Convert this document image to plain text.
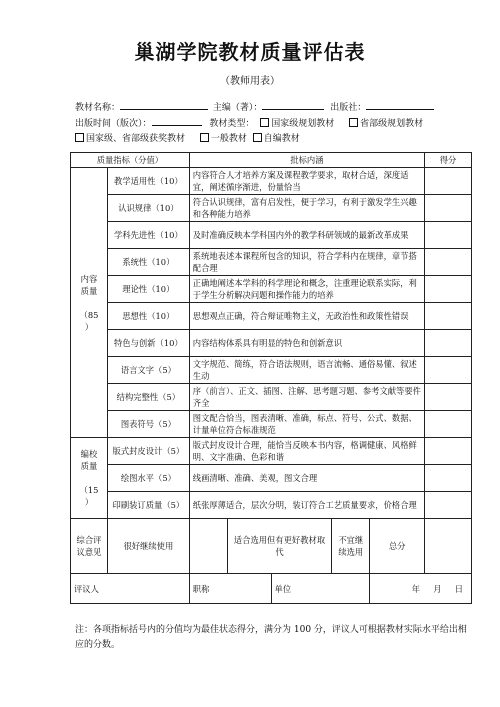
巢湖学院教材质量评估表
（教师用表）
教材名称：	主编（著）：	出版社：
出版时间（版次）：	教材类型： 国家级规划教材	省部级规划教材
国家级、省部级获奖教材	一般教材 自编教材
质量指标（分值）		批标内涵					得分
内容
质量

（85
）	教学适用性（10）	内容符合人才培养方案及课程教学要求，取材合适，深度适宜，阐述循序渐进，份量恰当					
	认识规律（10）	符合认识规律，富有启发性，便于学习，有利于激发学生兴趣和各种能力培养					
	学科先进性（10）	及时准确反映本学科国内外的教学科研领域的最新改革成果					
	系统性（10）	系统地表述本课程所包含的知识，符合学科内在规律，章节搭配合理					
	理论性（10）	正确地阐述本学科的科学理论和概念，注重理论联系实际，利于学生分析解决问题和操作能力的培养					
	思想性（10）	思想观点正确，符合辩证唯物主义，无政治性和政策性错误					
	特色与创新（10）	内容结构体系具有明显的特色和创新意识					
	语言文字（5）	文字规范、简练，符合语法规则，语言流畅、通俗易懂、叙述生动					
	结构完整性（5）	序（前言）、正文、插图、注解、思考题习题、参考文献等要件齐全					
	图表符号（5）	图文配合恰当，图表清晰、准确，标点、符号、公式、数据、计量单位符合标准规范					
编校
质量

（15
）	版式封皮设计（5）	版式封皮设计合理，能恰当反映本书内容，格调健康、风格鲜明、文字准确、色彩和谐					
	绘图水平（5）	线画清晰、准确、美观，图文合理					
	印刷装订质量（5）	纸张厚薄适合，层次分明，装订符合工艺质量要求，价格合理					
综合评议意见	很好继续使用		适合选用但有更好教材取代		不宜继续选用	总分	
评议人		职称		单位		年 月 日	
注：各项指标括号内的分值均为最佳状态得分，满分为 100 分，评议人可根据教材实际水平给出相应的分数。
